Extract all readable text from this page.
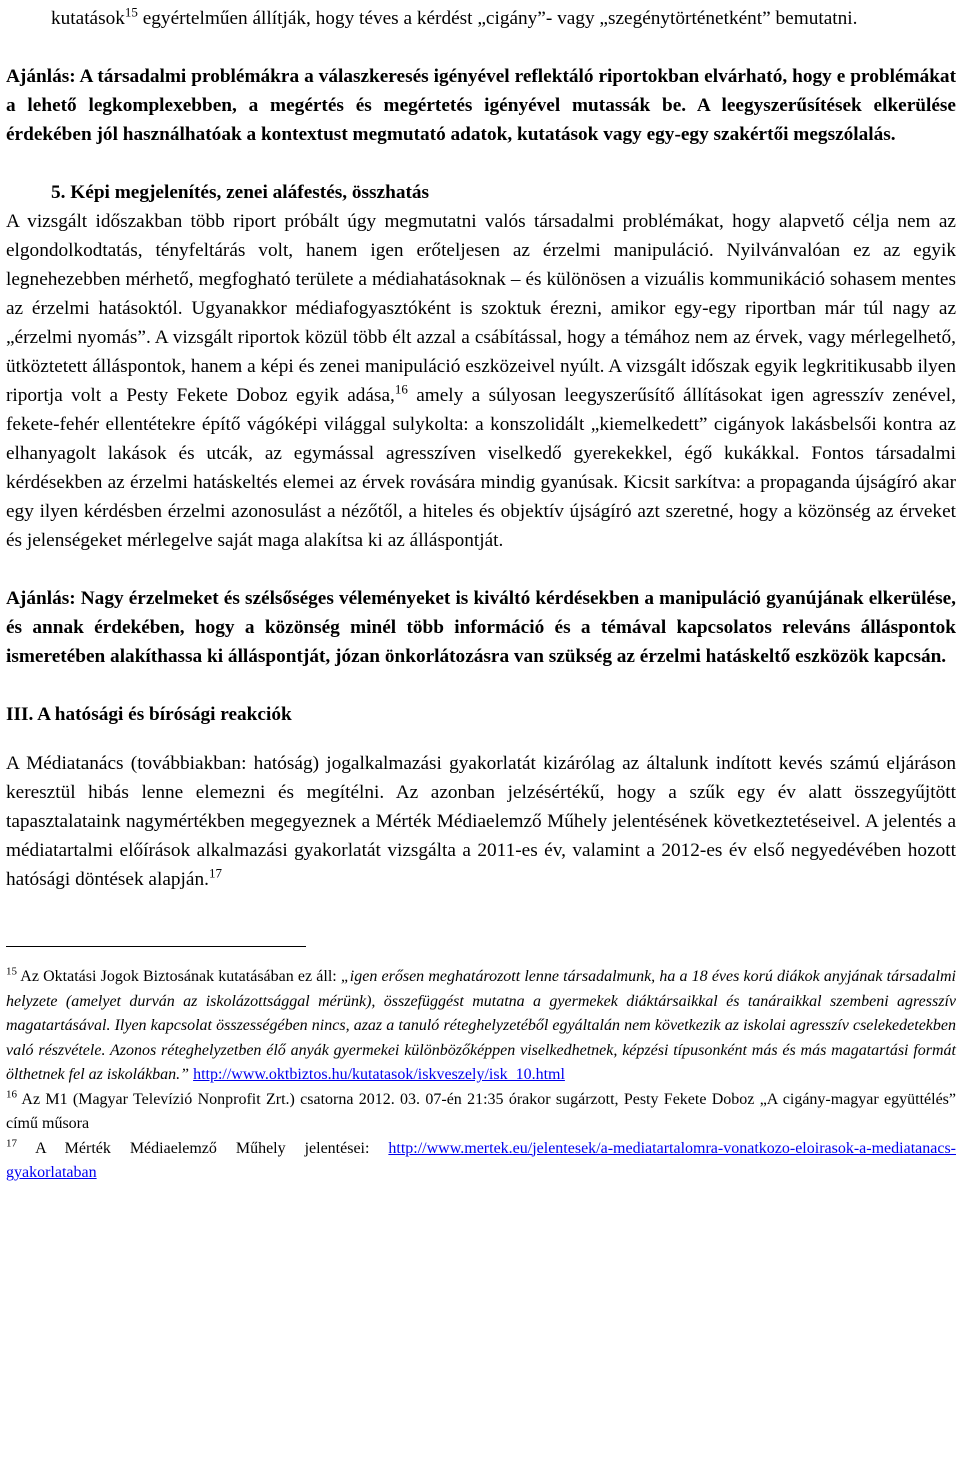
kutatások$^{15}$ egyértelműen állítják, hogy téves a kérdést „cigány”- vagy „szegénytörténetként” bemutatni.

Ajánlás: A társadalmi problémákra a válaszkeresés igényével reflektáló riportokban elvárható, hogy e problémákat a lehető legkomplexebben, a megértés és megértetés igényével mutassák be. A leegyszerűsítések elkerülése érdekében jól használhatóak a kontextust megmutató adatok, kutatások vagy egy-egy szakértői megszólalás.

5. Képi megjelenítés, zenei aláfestés, összhatás

A vizsgált időszakban több riport próbált úgy megmutatni valós társadalmi problémákat, hogy alapvető célja nem az elgondolkodtatás, tényfeltárás volt, hanem igen erőteljesen az érzelmi manipuláció. Nyilvánvalóan ez az egyik legnehezebben mérhető, megfogható területe a médiahatásoknak – és különösen a vizuális kommunikáció sohasem mentes az érzelmi hatásoktól. Ugyanakkor médiafogyasztóként is szoktuk érezni, amikor egy-egy riportban már túl nagy az „érzelmi nyomás”. A vizsgált riportok közül több élt azzal a csábítással, hogy a témához nem az érvek, vagy mérlegelhető, ütköztetett álláspontok, hanem a képi és zenei manipuláció eszközeivel nyúlt. A vizsgált időszak egyik legkritikusabb ilyen riportja volt a Pesty Fekete Doboz egyik adása,$^{16}$ amely a súlyosan leegyszerűsítő állításokat igen agresszív zenével, fekete-fehér ellentétekre építő vágóképi világgal sulykolta: a konszolidált „kiemelkedett” cigányok lakásbelsői kontra az elhanyagolt lakások és utcák, az egymással agresszíven viselkedő gyerekekkel, égő kukákkal. Fontos társadalmi kérdésekben az érzelmi hatáskeltés elemei az érvek rovására mindig gyanúsak. Kicsit sarkítva: a propaganda újságíró akar egy ilyen kérdésben érzelmi azonosulást a nézőtől, a hiteles és objektív újságíró azt szeretné, hogy a közönség az érveket és jelenségeket mérlegelve saját maga alakítsa ki az álláspontját.

Ajánlás: Nagy érzelmeket és szélsőséges véleményeket is kiváltó kérdésekben a manipuláció gyanújának elkerülése, és annak érdekében, hogy a közönség minél több információ és a témával kapcsolatos releváns álláspontok ismeretében alakíthassa ki álláspontját, józan önkorlátozásra van szükség az érzelmi hatáskeltő eszközök kapcsán.

III. A hatósági és bírósági reakciók

A Médiatanács (továbbiakban: hatóság) jogalkalmazási gyakorlatát kizárólag az általunk indított kevés számú eljáráson keresztül hibás lenne elemezni és megítélni. Az azonban jelzésértékű, hogy a szűk egy év alatt összegyűjtött tapasztalataink nagymértékben megegyeznek a Mérték Médiaelemző Műhely jelentésének következtetéseivel. A jelentés a médiatartalmi előírások alkalmazási gyakorlatát vizsgálta a 2011-es év, valamint a 2012-es év első negyedévében hozott hatósági döntések alapján.$^{17}$

$^{15}$ Az Oktatási Jogok Biztosának kutatásában ez áll: „igen erősen meghatározott lenne társadalmunk, ha a 18 éves korú diákok anyjának társadalmi helyzete (amelyet durván az iskolázottsággal mérünk), összefüggést mutatna a gyermekek diáktársaikkal és tanáraikkal szembeni agresszív magatartásával. Ilyen kapcsolat összességében nincs, azaz a tanuló réteghelyzetéből egyáltalán nem következik az iskolai agresszív cselekedetekben való részvétele. Azonos réteghelyzetben élő anyák gyermekei különbözőképpen viselkedhetnek, képzési típusonként más és más magatartási formát ölthetnek fel az iskolákban.” http://www.oktbiztos.hu/kutatasok/iskveszely/isk_10.html

$^{16}$ Az M1 (Magyar Televízió Nonprofit Zrt.) csatorna 2012. 03. 07-én 21:35 órakor sugárzott, Pesty Fekete Doboz „A cigány-magyar együttélés” című műsora

$^{17}$ A Mérték Médiaelemző Műhely jelentései: http://www.mertek.eu/jelentesek/a-mediatartalomra-vonatkozo-eloirasok-a-mediatanacs-gyakorlataban
